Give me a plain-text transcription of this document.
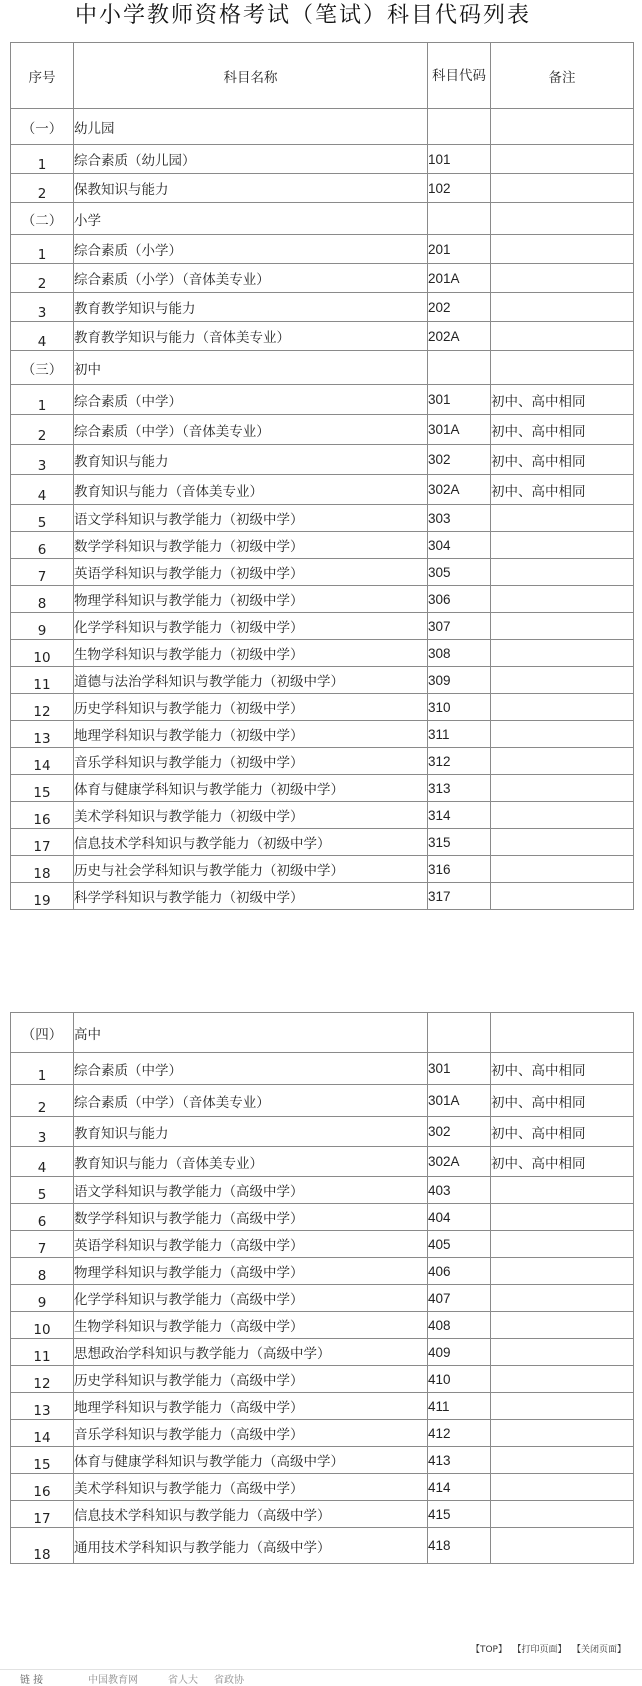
中小学教师资格考试（笔试）科目代码列表
序号	科目名称	科目代码	备注
（一）	幼儿园		
1	综合素质（幼儿园）	101	
2	保教知识与能力	102	
（二）	小学		
1	综合素质（小学）	201	
2	综合素质（小学）（音体美专业）	201A	
3	教育教学知识与能力	202	
4	教育教学知识与能力（音体美专业）	202A	
（三）	初中		
1	综合素质（中学）	301	初中、高中相同
2	综合素质（中学）（音体美专业）	301A	初中、高中相同
3	教育知识与能力	302	初中、高中相同
4	教育知识与能力（音体美专业）	302A	初中、高中相同
5	语文学科知识与教学能力（初级中学）	303	
6	数学学科知识与教学能力（初级中学）	304	
7	英语学科知识与教学能力（初级中学）	305	
8	物理学科知识与教学能力（初级中学）	306	
9	化学学科知识与教学能力（初级中学）	307	
10	生物学科知识与教学能力（初级中学）	308	
11	道德与法治学科知识与教学能力（初级中学）	309	
12	历史学科知识与教学能力（初级中学）	310	
13	地理学科知识与教学能力（初级中学）	311	
14	音乐学科知识与教学能力（初级中学）	312	
15	体育与健康学科知识与教学能力（初级中学）	313	
16	美术学科知识与教学能力（初级中学）	314	
17	信息技术学科知识与教学能力（初级中学）	315	
18	历史与社会学科知识与教学能力（初级中学）	316	
19	科学学科知识与教学能力（初级中学）	317	
（四）	高中		
1	综合素质（中学）	301	初中、高中相同
2	综合素质（中学）（音体美专业）	301A	初中、高中相同
3	教育知识与能力	302	初中、高中相同
4	教育知识与能力（音体美专业）	302A	初中、高中相同
5	语文学科知识与教学能力（高级中学）	403	
6	数学学科知识与教学能力（高级中学）	404	
7	英语学科知识与教学能力（高级中学）	405	
8	物理学科知识与教学能力（高级中学）	406	
9	化学学科知识与教学能力（高级中学）	407	
10	生物学科知识与教学能力（高级中学）	408	
11	思想政治学科知识与教学能力（高级中学）	409	
12	历史学科知识与教学能力（高级中学）	410	
13	地理学科知识与教学能力（高级中学）	411	
14	音乐学科知识与教学能力（高级中学）	412	
15	体育与健康学科知识与教学能力（高级中学）	413	
16	美术学科知识与教学能力（高级中学）	414	
17	信息技术学科知识与教学能力（高级中学）	415	
18	通用技术学科知识与教学能力（高级中学）	418	
【TOP】 【打印页面】 【关闭页面】
链 接	中国教育网	省人大 省政协
